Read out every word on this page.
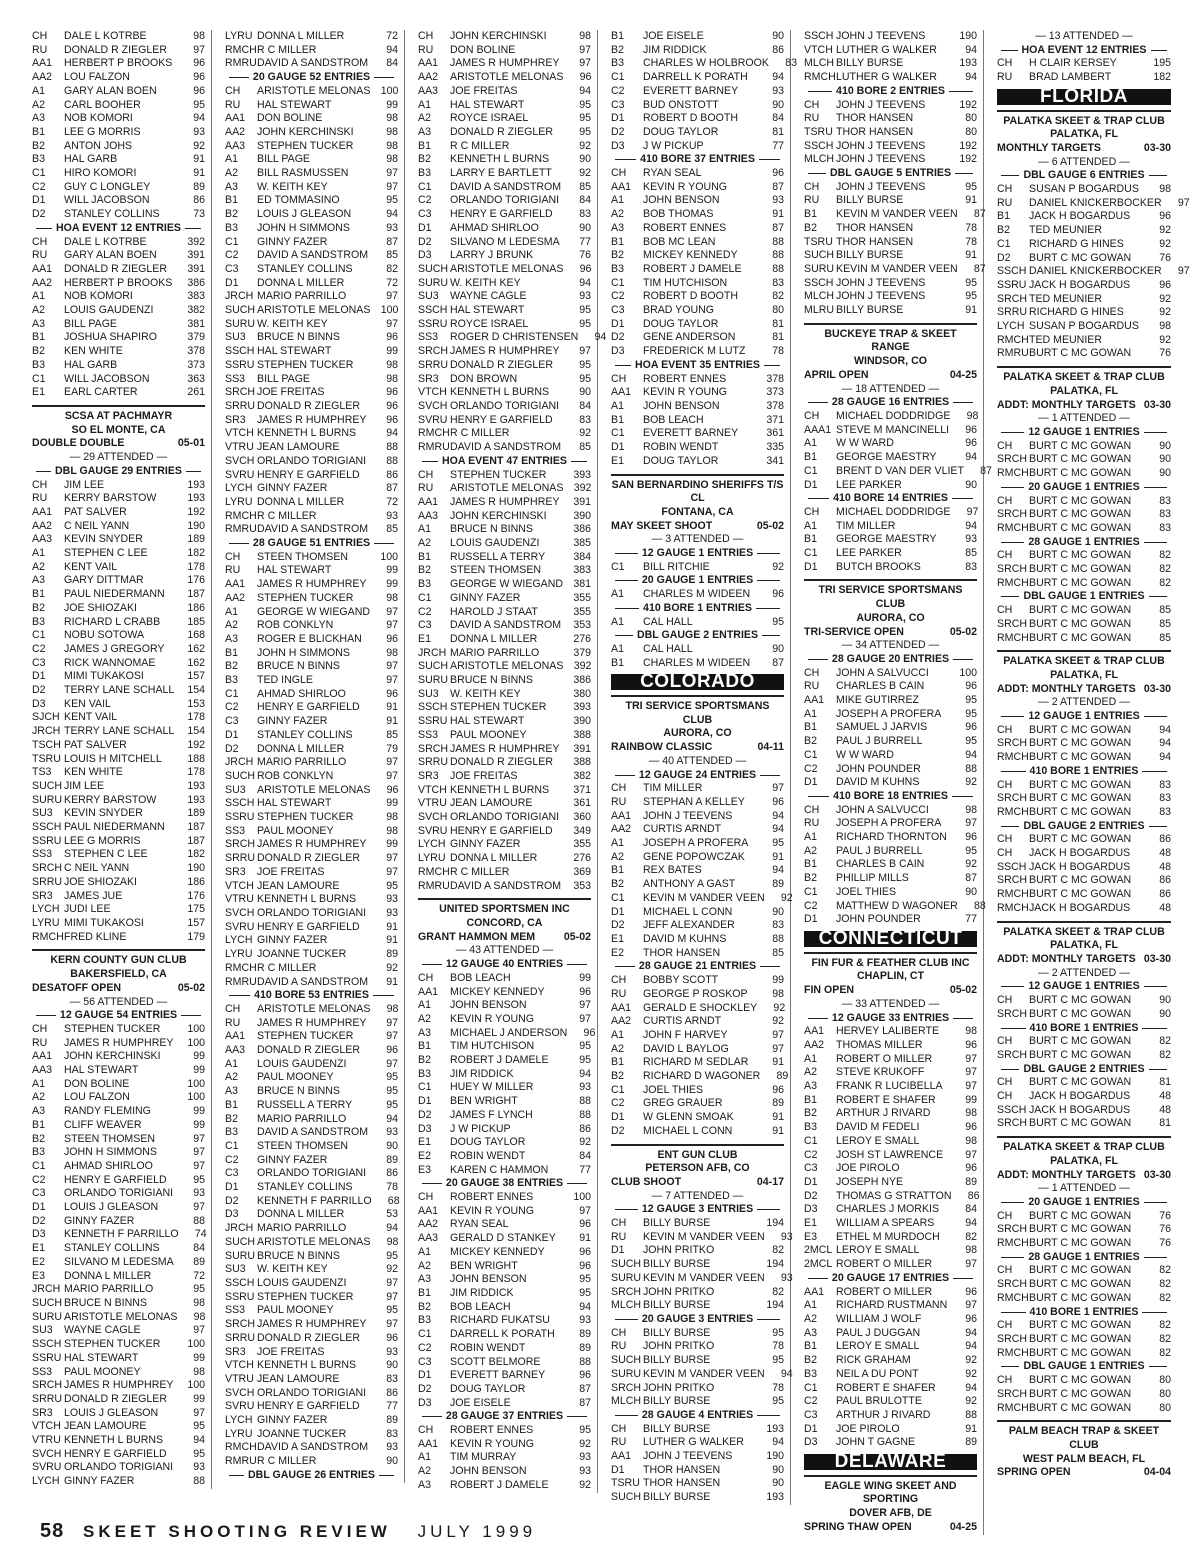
CH	DALE L KOTRBE	98
RU	DONALD R ZIEGLER	97
AA1	HERBERT P BROOKS	96
AA2	LOU FALZON	96
A1	GARY ALAN BOEN	96
A2	CARL BOOHER	95
A3	NOB KOMORI	94
B1	LEE G MORRIS	93
B2	ANTON JOHS	92
B3	HAL GARB	91
C1	HIRO KOMORI	91
C2	GUY C LONGLEY	89
D1	WILL JACOBSON	86
D2	STANLEY COLLINS	73
HOA EVENT 12 ENTRIES
CH	DALE L KOTRBE	392
RU	GARY ALAN BOEN	391
AA1	DONALD R ZIEGLER	391
AA2	HERBERT P BROOKS	386
A1	NOB KOMORI	383
A2	LOUIS GAUDENZI	382
A3	BILL PAGE	381
B1	JOSHUA SHAPIRO	379
B2	KEN WHITE	378
B3	HAL GARB	373
C1	WILL JACOBSON	363
E1	EARL CARTER	261
SCSA AT PACHMAYR
SO EL MONTE, CA
DOUBLE DOUBLE	05-01
— 29 ATTENDED —
DBL GAUGE 29 ENTRIES
CH	JIM LEE	193
RU	KERRY BARSTOW	193
AA1	PAT SALVER	192
AA2	C NEIL YANN	190
AA3	KEVIN SNYDER	189
A1	STEPHEN C LEE	182
A2	KENT VAIL	178
A3	GARY DITTMAR	176
B1	PAUL NIEDERMANN	187
B2	JOE SHIOZAKI	186
B3	RICHARD L CRABB	185
C1	NOBU SOTOWA	168
C2	JAMES J GREGORY	162
C3	RICK WANNOMAE	162
D1	MIMI TUKAKOSI	157
D2	TERRY LANE SCHALL	154
D3	KEN VAIL	153
SJCH KENT VAIL	178
JRCH TERRY LANE SCHALL	154
TSCH PAT SALVER	192
TSRU LOUIS H MITCHELL	188
TS3	KEN WHITE	178
SUCH JIM LEE	193
SURU KERRY BARSTOW	193
SU3	KEVIN SNYDER	189
SSCH PAUL NIEDERMANN	187
SSRU LEE G MORRIS	187
SS3	STEPHEN C LEE	182
SRCH C NEIL YANN	190
SRRU JOE SHIOZAKI	186
SR3	JAMES JUE	176
LYCH JUDI LEE	175
LYRU MIMI TUKAKOSI	157
RMCH FRED KLINE	179
KERN COUNTY GUN CLUB
BAKERSFIELD, CA
DESATOFF OPEN	05-02
— 56 ATTENDED —
12 GAUGE 54 ENTRIES
CH	STEPHEN TUCKER	100
RU	JAMES R HUMPHREY	100
AA1	JOHN KERCHINSKI	99
AA3	HAL STEWART	99
A1	DON BOLINE	100
A2	LOU FALZON	100
A3	RANDY FLEMING	99
B1	CLIFF WEAVER	99
B2	STEEN THOMSEN	97
B3	JOHN H SIMMONS	97
C1	AHMAD SHIRLOO	97
C2	HENRY E GARFIELD	95
C3	ORLANDO TORIGIANI	93
D1	LOUIS J GLEASON	97
D2	GINNY FAZER	88
D3	KENNETH F PARRILLO	74
E1	STANLEY COLLINS	84
E2	SILVANO M LEDESMA	89
E3	DONNA L MILLER	72
JRCH MARIO PARRILLO	95
SUCH BRUCE N BINNS	98
SURU ARISTOTLE MELONAS	98
SU3	WAYNE CAGLE	97
SSCH STEPHEN TUCKER	100
SSRU HAL STEWART	99
SS3	PAUL MOONEY	98
SRCH JAMES R HUMPHREY	100
SRRU DONALD R ZIEGLER	99
SR3	LOUIS J GLEASON	97
VTCH JEAN LAMOURE	95
VTRU KENNETH L BURNS	94
SVCH HENRY E GARFIELD	95
SVRU ORLANDO TORIGIANI	93
LYCH GINNY FAZER	88
LYRU DONNA L MILLER	72
RMCH R C MILLER	94
RMRU DAVID A SANDSTROM	84
20 GAUGE 52 ENTRIES
CH	ARISTOTLE MELONAS 100
RU	HAL STEWART	99
AA1	DON BOLINE	98
AA2	JOHN KERCHINSKI	98
AA3	STEPHEN TUCKER	98
A1	BILL PAGE	98
A2	BILL RASMUSSEN	97
A3	W. KEITH KEY	97
B1	ED TOMMASINO	95
B2	LOUIS J GLEASON	94
B3	JOHN H SIMMONS	93
C1	GINNY FAZER	87
C2	DAVID A SANDSTROM	85
C3	STANLEY COLLINS	82
D1	DONNA L MILLER	72
JRCH MARIO PARRILLO	97
SUCH ARISTOTLE MELONAS 100
SURU W. KEITH KEY	97
SU3	BRUCE N BINNS	96
SSCH HAL STEWART	99
SSRU STEPHEN TUCKER	98
SS3	BILL PAGE	98
SRCH JOE FREITAS	96
SRRU DONALD R ZIEGLER	96
SR3	JAMES R HUMPHREY	96
VTCH KENNETH L BURNS	94
VTRU JEAN LAMOURE	88
SVCH ORLANDO TORIGIANI	88
SVRU HENRY E GARFIELD	86
LYCH GINNY FAZER	87
LYRU DONNA L MILLER	72
RMCH R C MILLER	93
RMRU DAVID A SANDSTROM	85
28 GAUGE 51 ENTRIES
CH	STEEN THOMSEN	100
RU	HAL STEWART	99
AA1	JAMES R HUMPHREY	99
AA2	STEPHEN TUCKER	98
A1	GEORGE W WIEGAND	97
A2	ROB CONKLYN	97
A3	ROGER E BLICKHAN	96
B1	JOHN H SIMMONS	98
B2	BRUCE N BINNS	97
B3	TED INGLE	97
C1	AHMAD SHIRLOO	96
C2	HENRY E GARFIELD	91
C3	GINNY FAZER	91
D1	STANLEY COLLINS	85
D2	DONNA L MILLER	79
JRCH MARIO PARRILLO	97
SUCH ROB CONKLYN	97
SU3	ARISTOTLE MELONAS	96
SSCH HAL STEWART	99
SSRU STEPHEN TUCKER	98
SS3	PAUL MOONEY	98
SRCH JAMES R HUMPHREY	99
SRRU DONALD R ZIEGLER	97
SR3	JOE FREITAS	97
VTCH JEAN LAMOURE	95
VTRU KENNETH L BURNS	93
SVCH ORLANDO TORIGIANI	93
SVRU HENRY E GARFIELD	91
LYCH GINNY FAZER	91
LYRU JOANNE TUCKER	89
RMCH R C MILLER	92
RMRU DAVID A SANDSTROM	91
410 BORE 53 ENTRIES
CH	ARISTOTLE MELONAS	98
RU	JAMES R HUMPHREY	97
AA1	STEPHEN TUCKER	97
AA3	DONALD R ZIEGLER	96
A1	LOUIS GAUDENZI	97
A2	PAUL MOONEY	95
A3	BRUCE N BINNS	95
B1	RUSSELL A TERRY	95
B2	MARIO PARRILLO	94
B3	DAVID A SANDSTROM	93
C1	STEEN THOMSEN	90
C2	GINNY FAZER	89
C3	ORLANDO TORIGIANI	86
D1	STANLEY COLLINS	78
D2	KENNETH F PARRILLO	68
D3	DONNA L MILLER	53
JRCH MARIO PARRILLO	94
SUCH ARISTOTLE MELONAS	98
SURU BRUCE N BINNS	95
SU3	W. KEITH KEY	92
SSCH LOUIS GAUDENZI	97
SSRU STEPHEN TUCKER	97
SS3	PAUL MOONEY	95
SRCH JAMES R HUMPHREY	97
SRRU DONALD R ZIEGLER	96
SR3	JOE FREITAS	93
VTCH KENNETH L BURNS	90
VTRU JEAN LAMOURE	83
SVCH ORLANDO TORIGIANI	86
SVRU HENRY E GARFIELD	77
LYCH GINNY FAZER	89
LYRU JOANNE TUCKER	83
RMCH DAVID A SANDSTROM	93
RMRU R C MILLER	90
DBL GAUGE 26 ENTRIES
CH	JOHN KERCHINSKI	98
RU	DON BOLINE	97
AA1	JAMES R HUMPHREY	97
AA2	ARISTOTLE MELONAS	96
AA3	JOE FREITAS	94
A1	HAL STEWART	95
A2	ROYCE ISRAEL	95
A3	DONALD R ZIEGLER	95
B1	R C MILLER	92
B2	KENNETH L BURNS	90
B3	LARRY E BARTLETT	92
C1	DAVID A SANDSTROM	85
C2	ORLANDO TORIGIANI	84
C3	HENRY E GARFIELD	83
D1	AHMAD SHIRLOO	90
D2	SILVANO M LEDESMA	77
D3	LARRY J BRUNK	76
SUCH ARISTOTLE MELONAS	96
SURU W. KEITH KEY	94
SU3	WAYNE CAGLE	93
SSCH HAL STEWART	95
SSRU ROYCE ISRAEL	95
SS3	ROGER D CHRISTENSEN	94
SRCH JAMES R HUMPHREY	97
SRRU DONALD R ZIEGLER	95
SR3	DON BROWN	95
VTCH KENNETH L BURNS	90
SVCH ORLANDO TORIGIANI	84
SVRU HENRY E GARFIELD	83
RMCH R C MILLER	92
RMRU DAVID A SANDSTROM	85
HOA EVENT 47 ENTRIES
CH	STEPHEN TUCKER	393
RU	ARISTOTLE MELONAS 392
AA1	JAMES R HUMPHREY	391
AA3	JOHN KERCHINSKI	390
A1	BRUCE N BINNS	386
A2	LOUIS GAUDENZI	385
B1	RUSSELL A TERRY	384
B2	STEEN THOMSEN	383
B3	GEORGE W WIEGAND 381
C1	GINNY FAZER	355
C2	HAROLD J STAAT	355
C3	DAVID A SANDSTROM	353
E1	DONNA L MILLER	276
JRCH MARIO PARRILLO	379
SUCH ARISTOTLE MELONAS 392
SURU BRUCE N BINNS	386
SU3	W. KEITH KEY	380
SSCH STEPHEN TUCKER	393
SSRU HAL STEWART	390
SS3	PAUL MOONEY	388
SRCH JAMES R HUMPHREY	391
SRRU DONALD R ZIEGLER	388
SR3	JOE FREITAS	382
VTCH KENNETH L BURNS	371
VTRU JEAN LAMOURE	361
SVCH ORLANDO TORIGIANI	360
SVRU HENRY E GARFIELD	349
LYCH GINNY FAZER	355
LYRU DONNA L MILLER	276
RMCH R C MILLER	369
RMRU DAVID A SANDSTROM	353
UNITED SPORTSMEN INC
CONCORD, CA
GRANT HAMMON MEM	05-02
— 43 ATTENDED —
12 GAUGE 40 ENTRIES
CH	BOB LEACH	99
AA1	MICKEY KENNEDY	96
A1	JOHN BENSON	97
A2	KEVIN R YOUNG	97
A3	MICHAEL J ANDERSON	96
B1	TIM HUTCHISON	95
B2	ROBERT J DAMELE	95
B3	JIM RIDDICK	94
C1	HUEY W MILLER	93
D1	BEN WRIGHT	88
D2	JAMES F LYNCH	88
D3	J W PICKUP	86
E1	DOUG TAYLOR	92
E2	ROBIN WENDT	84
E3	KAREN C HAMMON	77
20 GAUGE 38 ENTRIES
CH	ROBERT ENNES	100
AA1	KEVIN R YOUNG	97
AA2	RYAN SEAL	96
AA3	GERALD D STANKEY	91
A1	MICKEY KENNEDY	96
A2	BEN WRIGHT	96
A3	JOHN BENSON	95
B1	JIM RIDDICK	95
B2	BOB LEACH	94
B3	RICHARD FUKATSU	93
C1	DARRELL K PORATH	89
C2	ROBIN WENDT	89
C3	SCOTT BELMORE	88
D1	EVERETT BARNEY	96
D2	DOUG TAYLOR	87
D3	JOE EISELE	87
28 GAUGE 37 ENTRIES
CH	ROBERT ENNES	95
AA1	KEVIN R YOUNG	92
A1	TIM MURRAY	93
A2	JOHN BENSON	93
A3	ROBERT J DAMELE	92
B1	JOE EISELE	90
B2	JIM RIDDICK	86
B3	CHARLES W HOLBROOK	83
C1	DARRELL K PORATH	94
C2	EVERETT BARNEY	93
C3	BUD ONSTOTT	90
D1	ROBERT D BOOTH	84
D2	DOUG TAYLOR	81
D3	J W PICKUP	77
410 BORE 37 ENTRIES
CH	RYAN SEAL	96
AA1	KEVIN R YOUNG	87
A1	JOHN BENSON	93
A2	BOB THOMAS	91
A3	ROBERT ENNES	87
B1	BOB MC LEAN	88
B2	MICKEY KENNEDY	88
B3	ROBERT J DAMELE	88
C1	TIM HUTCHISON	83
C2	ROBERT D BOOTH	82
C3	BRAD YOUNG	80
D1	DOUG TAYLOR	81
D2	GENE ANDERSON	81
D3	FREDERICK M LUTZ	78
HOA EVENT 35 ENTRIES
CH	ROBERT ENNES	378
AA1	KEVIN R YOUNG	373
A1	JOHN BENSON	378
B1	BOB LEACH	371
C1	EVERETT BARNEY	361
D1	ROBIN WENDT	335
E1	DOUG TAYLOR	341
SAN BERNARDINO SHERIFFS T/S CL
FONTANA, CA
MAY SKEET SHOOT	05-02
— 3 ATTENDED —
12 GAUGE 1 ENTRIES
C1	BILL RITCHIE	92
20 GAUGE 1 ENTRIES
A1	CHARLES M WIDEEN	96
410 BORE 1 ENTRIES
A1	CAL HALL	95
DBL GAUGE 2 ENTRIES
A1	CAL HALL	90
B1	CHARLES M WIDEEN	87
COLORADO
TRI SERVICE SPORTSMANS CLUB
AURORA, CO
RAINBOW CLASSIC	04-11
— 40 ATTENDED —
12 GAUGE 24 ENTRIES
CH	TIM MILLER	97
RU	STEPHAN A KELLEY	96
AA1	JOHN J TEEVENS	94
AA2	CURTIS ARNDT	94
A1	JOSEPH A PROFERA	95
A2	GENE POPOWCZAK	91
B1	REX BATES	94
B2	ANTHONY A GAST	89
C1	KEVIN M VANDER VEEN	92
D1	MICHAEL L CONN	90
D2	JEFF ALEXANDER	83
E1	DAVID M KUHNS	88
E2	THOR HANSEN	85
28 GAUGE 21 ENTRIES
CH	BOBBY SCOTT	99
RU	GEORGE P ROSKOP	98
AA1	GERALD E SHOCKLEY	92
AA2	CURTIS ARNDT	92
A1	JOHN F HARVEY	97
A2	DAVID L BAYLOG	97
B1	RICHARD M SEDLAR	91
B2	RICHARD D WAGONER	89
C1	JOEL THIES	96
C2	GREG GRAUER	89
D1	W GLENN SMOAK	91
D2	MICHAEL L CONN	91
ENT GUN CLUB
PETERSON AFB, CO
CLUB SHOOT	04-17
— 7 ATTENDED —
12 GAUGE 3 ENTRIES
CH	BILLY BURSE	194
RU	KEVIN M VANDER VEEN	93
D1	JOHN PRITKO	82
SUCH BILLY BURSE	194
SURU KEVIN M VANDER VEEN	93
SRCH JOHN PRITKO	82
MLCH BILLY BURSE	194
20 GAUGE 3 ENTRIES
CH	BILLY BURSE	95
RU	JOHN PRITKO	78
SUCH BILLY BURSE	95
SURU KEVIN M VANDER VEEN	94
SRCH JOHN PRITKO	78
MLCH BILLY BURSE	95
28 GAUGE 4 ENTRIES
CH	BILLY BURSE	193
RU	LUTHER G WALKER	94
AA1	JOHN J TEEVENS	190
D1	THOR HANSEN	90
TSRU THOR HANSEN	90
SUCH BILLY BURSE	193
SSCH JOHN J TEEVENS	190
VTCH LUTHER G WALKER	94
MLCH BILLY BURSE	193
RMCH LUTHER G WALKER	94
410 BORE 2 ENTRIES
CH	JOHN J TEEVENS	192
RU	THOR HANSEN	80
TSRU THOR HANSEN	80
SSCH JOHN J TEEVENS	192
MLCH JOHN J TEEVENS	192
DBL GAUGE 5 ENTRIES
CH	JOHN J TEEVENS	95
RU	BILLY BURSE	91
B1	KEVIN M VANDER VEEN	87
B2	THOR HANSEN	78
TSRU THOR HANSEN	78
SUCH BILLY BURSE	91
SURU KEVIN M VANDER VEEN	87
SSCH JOHN J TEEVENS	95
MLCH JOHN J TEEVENS	95
MLRU BILLY BURSE	91
BUCKEYE TRAP & SKEET RANGE
WINDSOR, CO
APRIL OPEN	04-25
— 18 ATTENDED —
28 GAUGE 16 ENTRIES
CH	MICHAEL DODDRIDGE	98
AAA1 STEVE M MANCINELLI	96
A1	W W WARD	96
B1	GEORGE MAESTRY	94
C1	BRENT D VAN DER VLIET	87
D1	LEE PARKER	90
410 BORE 14 ENTRIES
CH	MICHAEL DODDRIDGE	97
A1	TIM MILLER	94
B1	GEORGE MAESTRY	93
C1	LEE PARKER	85
D1	BUTCH BROOKS	83
TRI SERVICE SPORTSMANS CLUB
AURORA, CO
TRI-SERVICE OPEN	05-02
— 34 ATTENDED —
28 GAUGE 20 ENTRIES
CH	JOHN A SALVUCCI	100
RU	CHARLES B CAIN	96
AA1	MIKE GUTIRREZ	95
A1	JOSEPH A PROFERA	95
B1	SAMUEL J JARVIS	96
B2	PAUL J BURRELL	95
C1	W W WARD	94
C2	JOHN POUNDER	88
D1	DAVID M KUHNS	92
410 BORE 18 ENTRIES
CH	JOHN A SALVUCCI	98
RU	JOSEPH A PROFERA	97
A1	RICHARD THORNTON	96
A2	PAUL J BURRELL	95
B1	CHARLES B CAIN	92
B2	PHILLIP MILLS	87
C1	JOEL THIES	90
C2	MATTHEW D WAGONER	88
D1	JOHN POUNDER	77
CONNECTICUT
FIN FUR & FEATHER CLUB INC
CHAPLIN, CT
FIN OPEN	05-02
— 33 ATTENDED —
12 GAUGE 33 ENTRIES
AA1	HERVEY LALIBERTE	98
AA2	THOMAS MILLER	96
A1	ROBERT O MILLER	97
A2	STEVE KRUKOFF	97
A3	FRANK R LUCIBELLA	97
B1	ROBERT E SHAFER	99
B2	ARTHUR J RIVARD	98
B3	DAVID M FEDELI	96
C1	LEROY E SMALL	98
C2	JOSH ST LAWRENCE	97
C3	JOE PIROLO	96
D1	JOSEPH NYE	89
D2	THOMAS G STRATTON	86
D3	CHARLES J MORKIS	84
E1	WILLIAM A SPEARS	94
E3	ETHEL M MURDOCH	82
2MCL LEROY E SMALL	98
2MCL ROBERT O MILLER	97
20 GAUGE 17 ENTRIES
AA1	ROBERT O MILLER	96
A1	RICHARD RUSTMANN	97
A2	WILLIAM J WOLF	96
A3	PAUL J DUGGAN	94
B1	LEROY E SMALL	94
B2	RICK GRAHAM	92
B3	NEIL A DU PONT	92
C1	ROBERT E SHAFER	94
C2	PAUL BRULOTTE	92
C3	ARTHUR J RIVARD	88
D1	JOE PIROLO	91
D3	JOHN T GAGNE	89
DELAWARE
EAGLE WING SKEET AND SPORTING
DOVER AFB, DE
SPRING THAW OPEN	04-25
— 13 ATTENDED —
HOA EVENT 12 ENTRIES
CH	H CLAIR KERSEY	195
RU	BRAD LAMBERT	182
FLORIDA
PALATKA SKEET & TRAP CLUB
PALATKA, FL
MONTHLY TARGETS	03-30
— 6 ATTENDED —
DBL GAUGE 6 ENTRIES
CH	SUSAN P BOGARDUS	98
RU	DANIEL KNICKERBOCKER	97
B1	JACK H BOGARDUS	96
B2	TED MEUNIER	92
C1	RICHARD G HINES	92
D2	BURT C MC GOWAN	76
SSCH DANIEL KNICKERBOCKER	97
SSRU JACK H BOGARDUS	96
SRCH TED MEUNIER	92
SRRU RICHARD G HINES	92
LYCH SUSAN P BOGARDUS	98
RMCH TED MEUNIER	92
RMRU BURT C MC GOWAN	76
PALATKA SKEET & TRAP CLUB
PALATKA, FL
ADDT: MONTHLY TARGETS 03-30
— 1 ATTENDED —
12 GAUGE 1 ENTRIES
CH	BURT C MC GOWAN	90
SRCH BURT C MC GOWAN	90
RMCH BURT C MC GOWAN	90
20 GAUGE 1 ENTRIES
CH	BURT C MC GOWAN	83
SRCH BURT C MC GOWAN	83
RMCH BURT C MC GOWAN	83
28 GAUGE 1 ENTRIES
CH	BURT C MC GOWAN	82
SRCH BURT C MC GOWAN	82
RMCH BURT C MC GOWAN	82
DBL GAUGE 1 ENTRIES
CH	BURT C MC GOWAN	85
SRCH BURT C MC GOWAN	85
RMCH BURT C MC GOWAN	85
PALATKA SKEET & TRAP CLUB
PALATKA, FL
ADDT: MONTHLY TARGETS 03-30
— 2 ATTENDED —
12 GAUGE 1 ENTRIES
CH	BURT C MC GOWAN	94
SRCH BURT C MC GOWAN	94
RMCH BURT C MC GOWAN	94
410 BORE 1 ENTRIES
CH	BURT C MC GOWAN	83
SRCH BURT C MC GOWAN	83
RMCH BURT C MC GOWAN	83
DBL GAUGE 2 ENTRIES
CH	BURT C MC GOWAN	86
CH	JACK H BOGARDUS	48
SSCH JACK H BOGARDUS	48
SRCH BURT C MC GOWAN	86
RMCH BURT C MC GOWAN	86
RMCH JACK H BOGARDUS	48
PALATKA SKEET & TRAP CLUB
PALATKA, FL
ADDT: MONTHLY TARGETS 03-30
— 2 ATTENDED —
12 GAUGE 1 ENTRIES
CH	BURT C MC GOWAN	90
SRCH BURT C MC GOWAN	90
410 BORE 1 ENTRIES
CH	BURT C MC GOWAN	82
SRCH BURT C MC GOWAN	82
DBL GAUGE 2 ENTRIES
CH	BURT C MC GOWAN	81
CH	JACK H BOGARDUS	48
SSCH JACK H BOGARDUS	48
SRCH BURT C MC GOWAN	81
PALATKA SKEET & TRAP CLUB
PALATKA, FL
ADDT: MONTHLY TARGETS 03-30
— 1 ATTENDED —
20 GAUGE 1 ENTRIES
CH	BURT C MC GOWAN	76
SRCH BURT C MC GOWAN	76
RMCH BURT C MC GOWAN	76
28 GAUGE 1 ENTRIES
CH	BURT C MC GOWAN	82
SRCH BURT C MC GOWAN	82
RMCH BURT C MC GOWAN	82
410 BORE 1 ENTRIES
CH	BURT C MC GOWAN	82
SRCH BURT C MC GOWAN	82
RMCH BURT C MC GOWAN	82
DBL GAUGE 1 ENTRIES
CH	BURT C MC GOWAN	80
SRCH BURT C MC GOWAN	80
RMCH BURT C MC GOWAN	80
PALM BEACH TRAP & SKEET CLUB
WEST PALM BEACH, FL
SPRING OPEN	04-04
58 SKEET SHOOTING REVIEW JULY 1999
